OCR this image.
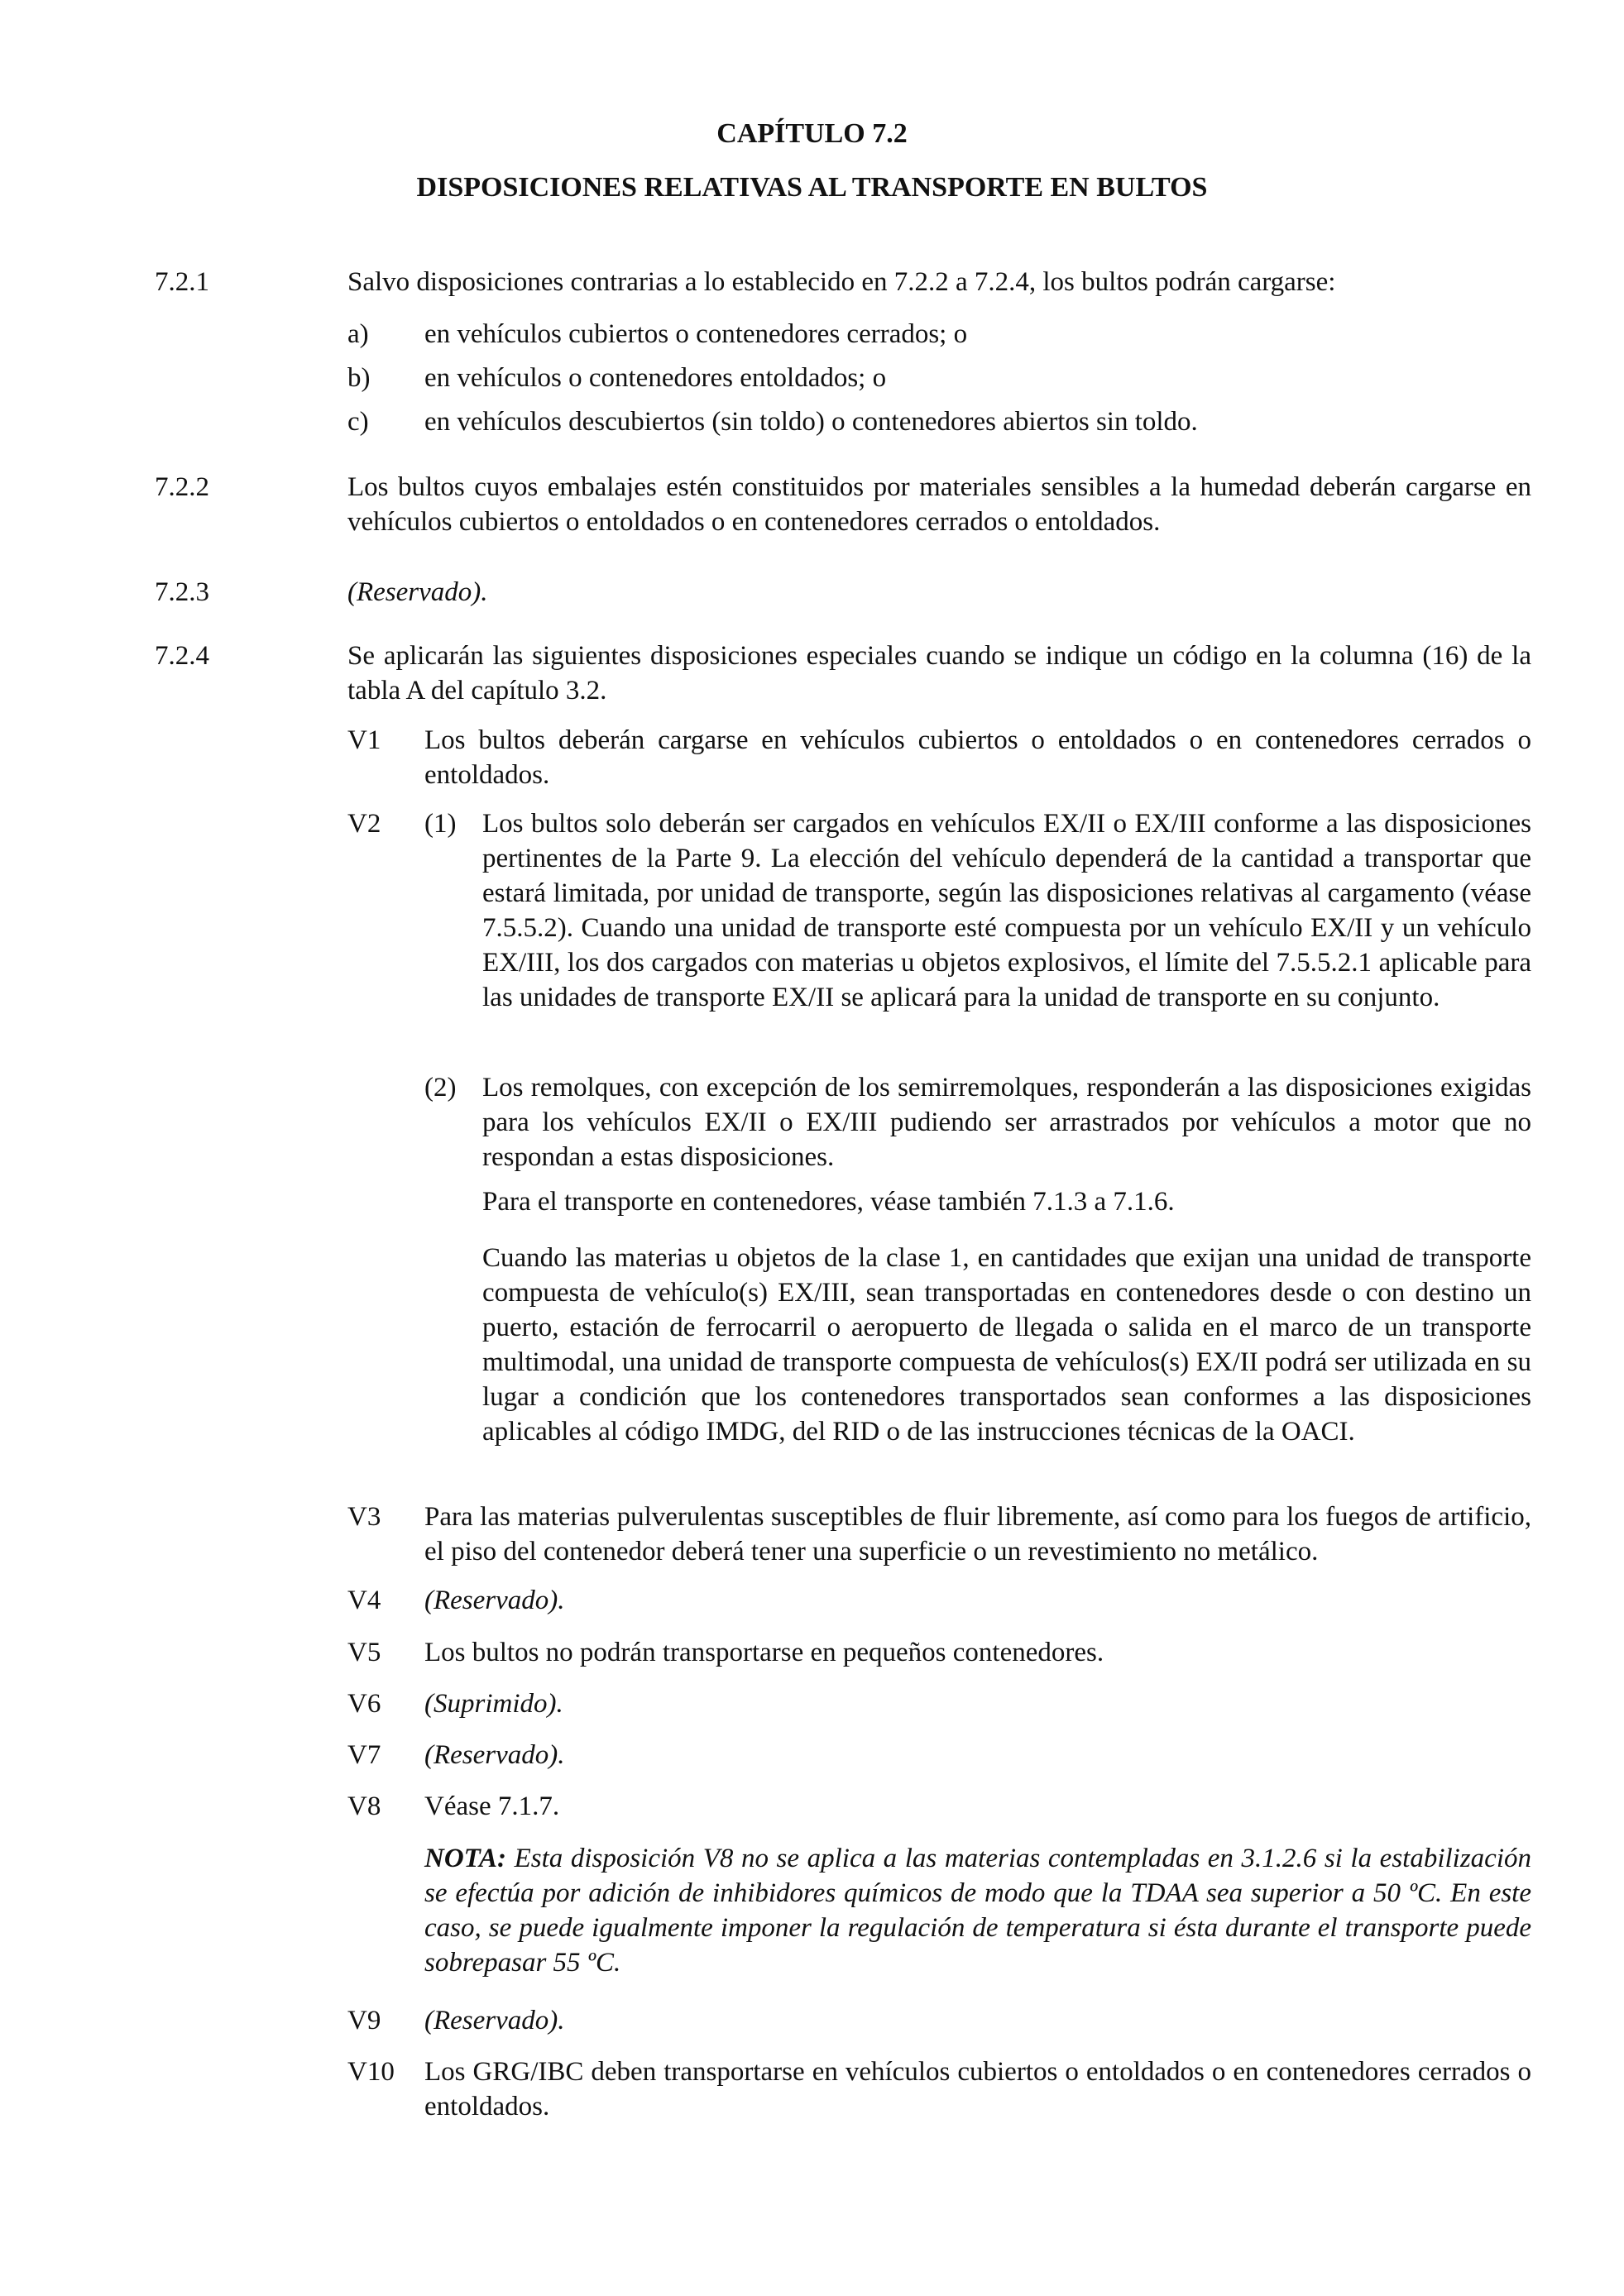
CAPÍTULO 7.2
DISPOSICIONES RELATIVAS AL TRANSPORTE EN BULTOS
7.2.1	Salvo disposiciones contrarias a lo establecido en 7.2.2 a 7.2.4, los bultos podrán cargarse:

a) en vehículos cubiertos o contenedores cerrados; o
b) en vehículos o contenedores entoldados; o
c) en vehículos descubiertos (sin toldo) o contenedores abiertos sin toldo.
7.2.2	Los bultos cuyos embalajes estén constituidos por materiales sensibles a la humedad deberán cargarse en vehículos cubiertos o entoldados o en contenedores cerrados o entoldados.

7.2.3	(Reservado).

7.2.4	Se aplicarán las siguientes disposiciones especiales cuando se indique un código en la columna (16) de la tabla A del capítulo 3.2.

V1 Los bultos deberán cargarse en vehículos cubiertos o entoldados o en contenedores cerrados o entoldados.

V2 (1) Los bultos solo deberán ser cargados en vehículos EX/II o EX/III conforme a las disposiciones pertinentes de la Parte 9. La elección del vehículo dependerá de la cantidad a transportar que estará limitada, por unidad de transporte, según las disposiciones relativas al cargamento (véase 7.5.5.2). Cuando una unidad de transporte esté compuesta por un vehículo EX/II y un vehículo EX/III, los dos cargados con materias u objetos explosivos, el límite del 7.5.5.2.1 aplicable para las unidades de transporte EX/II se aplicará para la unidad de transporte en su conjunto.

(2) Los remolques, con excepción de los semirremolques, responderán a las disposiciones exigidas para los vehículos EX/II o EX/III pudiendo ser arrastrados por vehículos a motor que no respondan a estas disposiciones.

Para el transporte en contenedores, véase también 7.1.3 a 7.1.6.

Cuando las materias u objetos de la clase 1, en cantidades que exijan una unidad de transporte compuesta de vehículo(s) EX/III, sean transportadas en contenedores desde o con destino un puerto, estación de ferrocarril o aeropuerto de llegada o salida en el marco de un transporte multimodal, una unidad de transporte compuesta de vehículos(s) EX/II podrá ser utilizada en su lugar a condición que los contenedores transportados sean conformes a las disposiciones aplicables al código IMDG, del RID o de las instrucciones técnicas de la OACI.

V3 Para las materias pulverulentas susceptibles de fluir libremente, así como para los fuegos de artificio, el piso del contenedor deberá tener una superficie o un revestimiento no metálico.

V4 (Reservado).

V5 Los bultos no podrán transportarse en pequeños contenedores.

V6 (Suprimido).

V7 (Reservado).

V8 Véase 7.1.7.

NOTA: Esta disposición V8 no se aplica a las materias contempladas en 3.1.2.6 si la estabilización se efectúa por adición de inhibidores químicos de modo que la TDAA sea superior a 50 ºC. En este caso, se puede igualmente imponer la regulación de temperatura si ésta durante el transporte puede sobrepasar 55 ºC.

V9 (Reservado).

V10 Los GRG/IBC deben transportarse en vehículos cubiertos o entoldados o en contenedores cerrados o entoldados.
